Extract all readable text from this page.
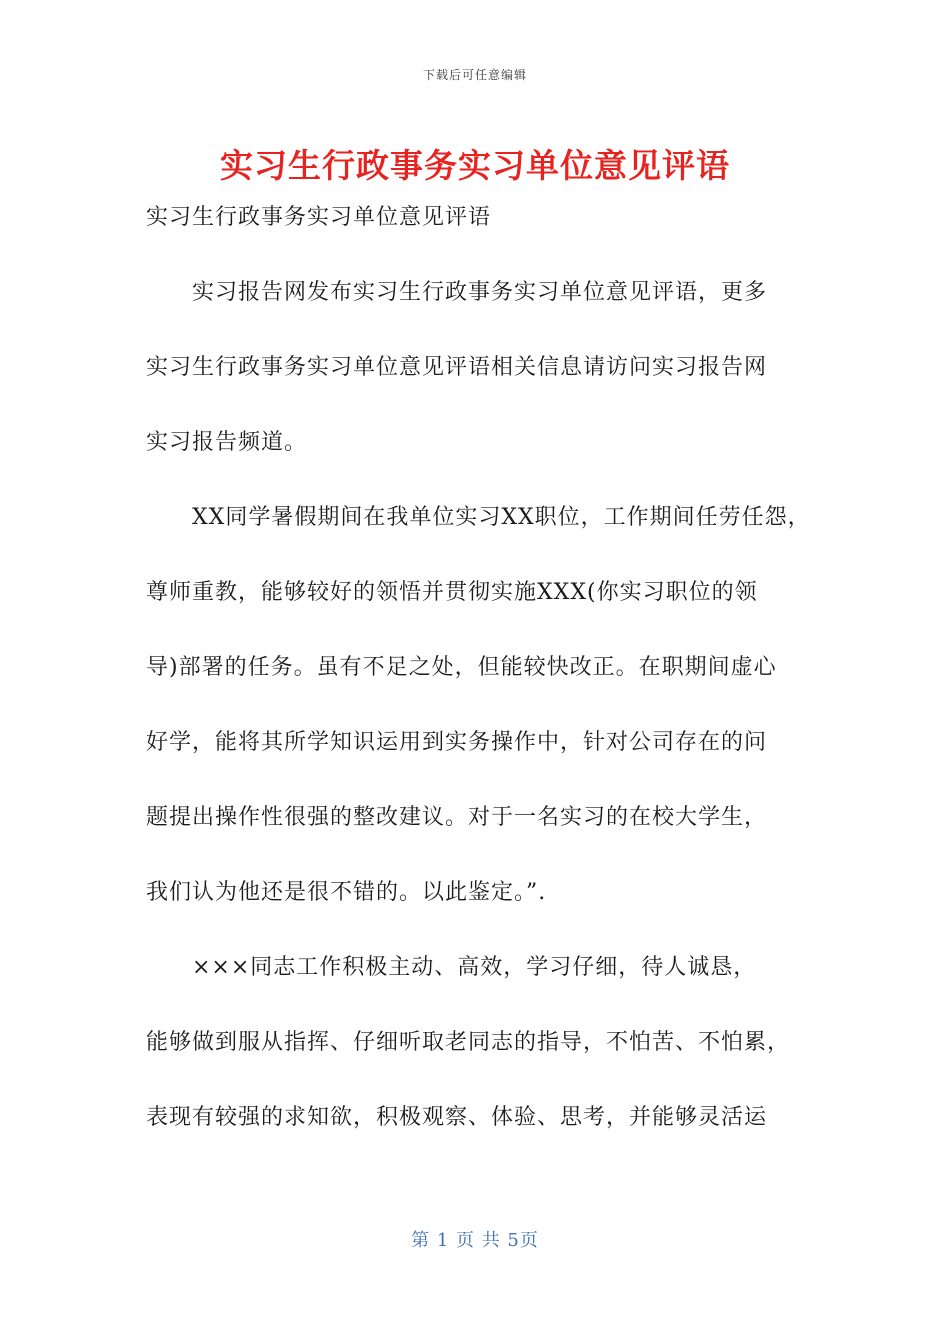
下载后可任意编辑
实习生行政事务实习单位意见评语
实习生行政事务实习单位意见评语
实习报告网发布实习生行政事务实习单位意见评语，更多
实习生行政事务实习单位意见评语相关信息请访问实习报告网
实习报告频道。
XX同学暑假期间在我单位实习XX职位，工作期间任劳任怨，
尊师重教，能够较好的领悟并贯彻实施XXX(你实习职位的领
导)部署的任务。虽有不足之处，但能较快改正。在职期间虚心
好学，能将其所学知识运用到实务操作中，针对公司存在的问
题提出操作性很强的整改建议。对于一名实习的在校大学生，
我们认为他还是很不错的。以此鉴定。”.
×××同志工作积极主动、高效，学习仔细，待人诚恳，
能够做到服从指挥、仔细听取老同志的指导，不怕苦、不怕累，
表现有较强的求知欲，积极观察、体验、思考，并能够灵活运
第 1 页 共 5页
